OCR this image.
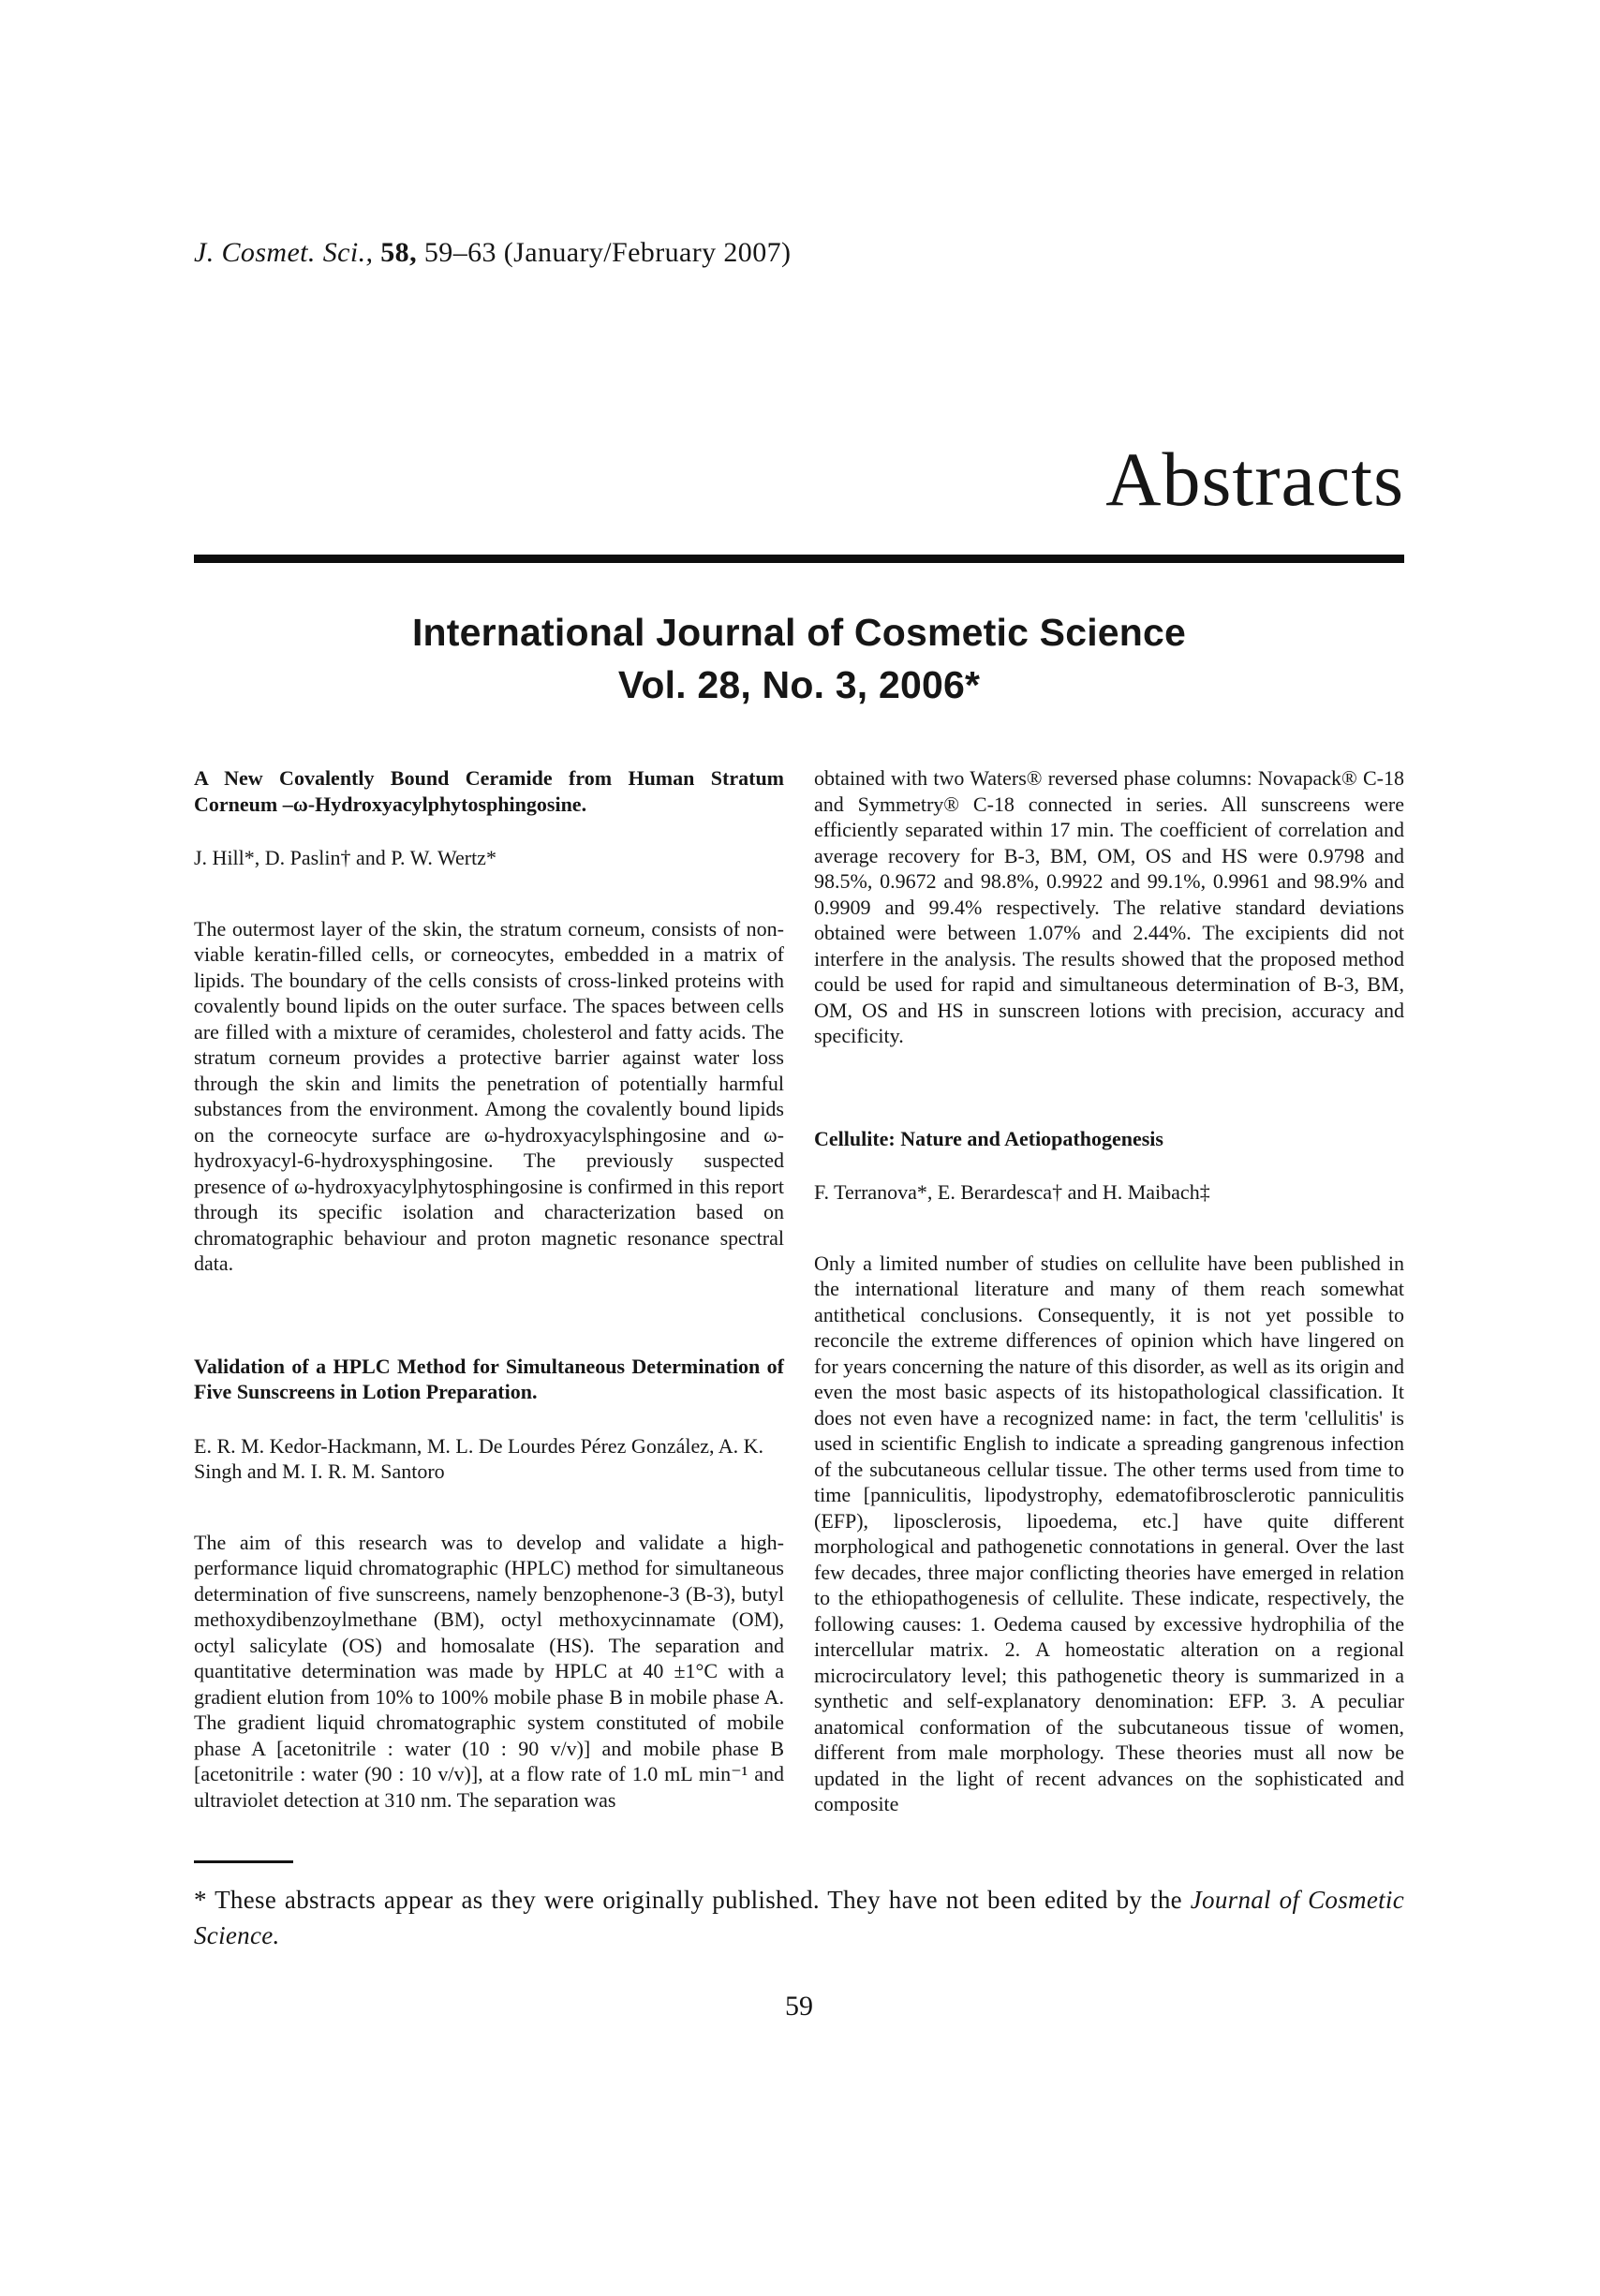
J. Cosmet. Sci., 58, 59–63 (January/February 2007)

Abstracts
International Journal of Cosmetic Science
Vol. 28, No. 3, 2006*

A New Covalently Bound Ceramide from Human Stratum Corneum –ω-Hydroxyacylphytosphingosine.

J. Hill*, D. Paslin† and P. W. Wertz*

The outermost layer of the skin, the stratum corneum, consists of non-viable keratin-filled cells, or corneocytes, embedded in a matrix of lipids. The boundary of the cells consists of cross-linked proteins with covalently bound lipids on the outer surface. The spaces between cells are filled with a mixture of ceramides, cholesterol and fatty acids. The stratum corneum provides a protective barrier against water loss through the skin and limits the penetration of potentially harmful substances from the environment. Among the covalently bound lipids on the corneocyte surface are ω-hydroxyacylsphingosine and ω-hydroxyacyl-6-hydroxysphingosine. The previously suspected presence of ω-hydroxyacylphytosphingosine is confirmed in this report through its specific isolation and characterization based on chromatographic behaviour and proton magnetic resonance spectral data.

Validation of a HPLC Method for Simultaneous Determination of Five Sunscreens in Lotion Preparation.

E. R. M. Kedor-Hackmann, M. L. De Lourdes Pérez González, A. K. Singh and M. I. R. M. Santoro

The aim of this research was to develop and validate a high-performance liquid chromatographic (HPLC) method for simultaneous determination of five sunscreens, namely benzophenone-3 (B-3), butyl methoxydibenzoylmethane (BM), octyl methoxycinnamate (OM), octyl salicylate (OS) and homosalate (HS). The separation and quantitative determination was made by HPLC at 40 ±1°C with a gradient elution from 10% to 100% mobile phase B in mobile phase A. The gradient liquid chromatographic system constituted of mobile phase A [acetonitrile : water (10 : 90 v/v)] and mobile phase B [acetonitrile : water (90 : 10 v/v)], at a flow rate of 1.0 mL min⁻¹ and ultraviolet detection at 310 nm. The separation was

obtained with two Waters® reversed phase columns: Novapack® C-18 and Symmetry® C-18 connected in series. All sunscreens were efficiently separated within 17 min. The coefficient of correlation and average recovery for B-3, BM, OM, OS and HS were 0.9798 and 98.5%, 0.9672 and 98.8%, 0.9922 and 99.1%, 0.9961 and 98.9% and 0.9909 and 99.4% respectively. The relative standard deviations obtained were between 1.07% and 2.44%. The excipients did not interfere in the analysis. The results showed that the proposed method could be used for rapid and simultaneous determination of B-3, BM, OM, OS and HS in sunscreen lotions with precision, accuracy and specificity.

Cellulite: Nature and Aetiopathogenesis

F. Terranova*, E. Berardesca† and H. Maibach‡

Only a limited number of studies on cellulite have been published in the international literature and many of them reach somewhat antithetical conclusions. Consequently, it is not yet possible to reconcile the extreme differences of opinion which have lingered on for years concerning the nature of this disorder, as well as its origin and even the most basic aspects of its histopathological classification. It does not even have a recognized name: in fact, the term 'cellulitis' is used in scientific English to indicate a spreading gangrenous infection of the subcutaneous cellular tissue. The other terms used from time to time [panniculitis, lipodystrophy, edematofibrosclerotic panniculitis (EFP), liposclerosis, lipoedema, etc.] have quite different morphological and pathogenetic connotations in general. Over the last few decades, three major conflicting theories have emerged in relation to the ethiopathogenesis of cellulite. These indicate, respectively, the following causes: 1. Oedema caused by excessive hydrophilia of the intercellular matrix. 2. A homeostatic alteration on a regional microcirculatory level; this pathogenetic theory is summarized in a synthetic and self-explanatory denomination: EFP. 3. A peculiar anatomical conformation of the subcutaneous tissue of women, different from male morphology. These theories must all now be updated in the light of recent advances on the sophisticated and composite

* These abstracts appear as they were originally published. They have not been edited by the Journal of Cosmetic Science.

59
